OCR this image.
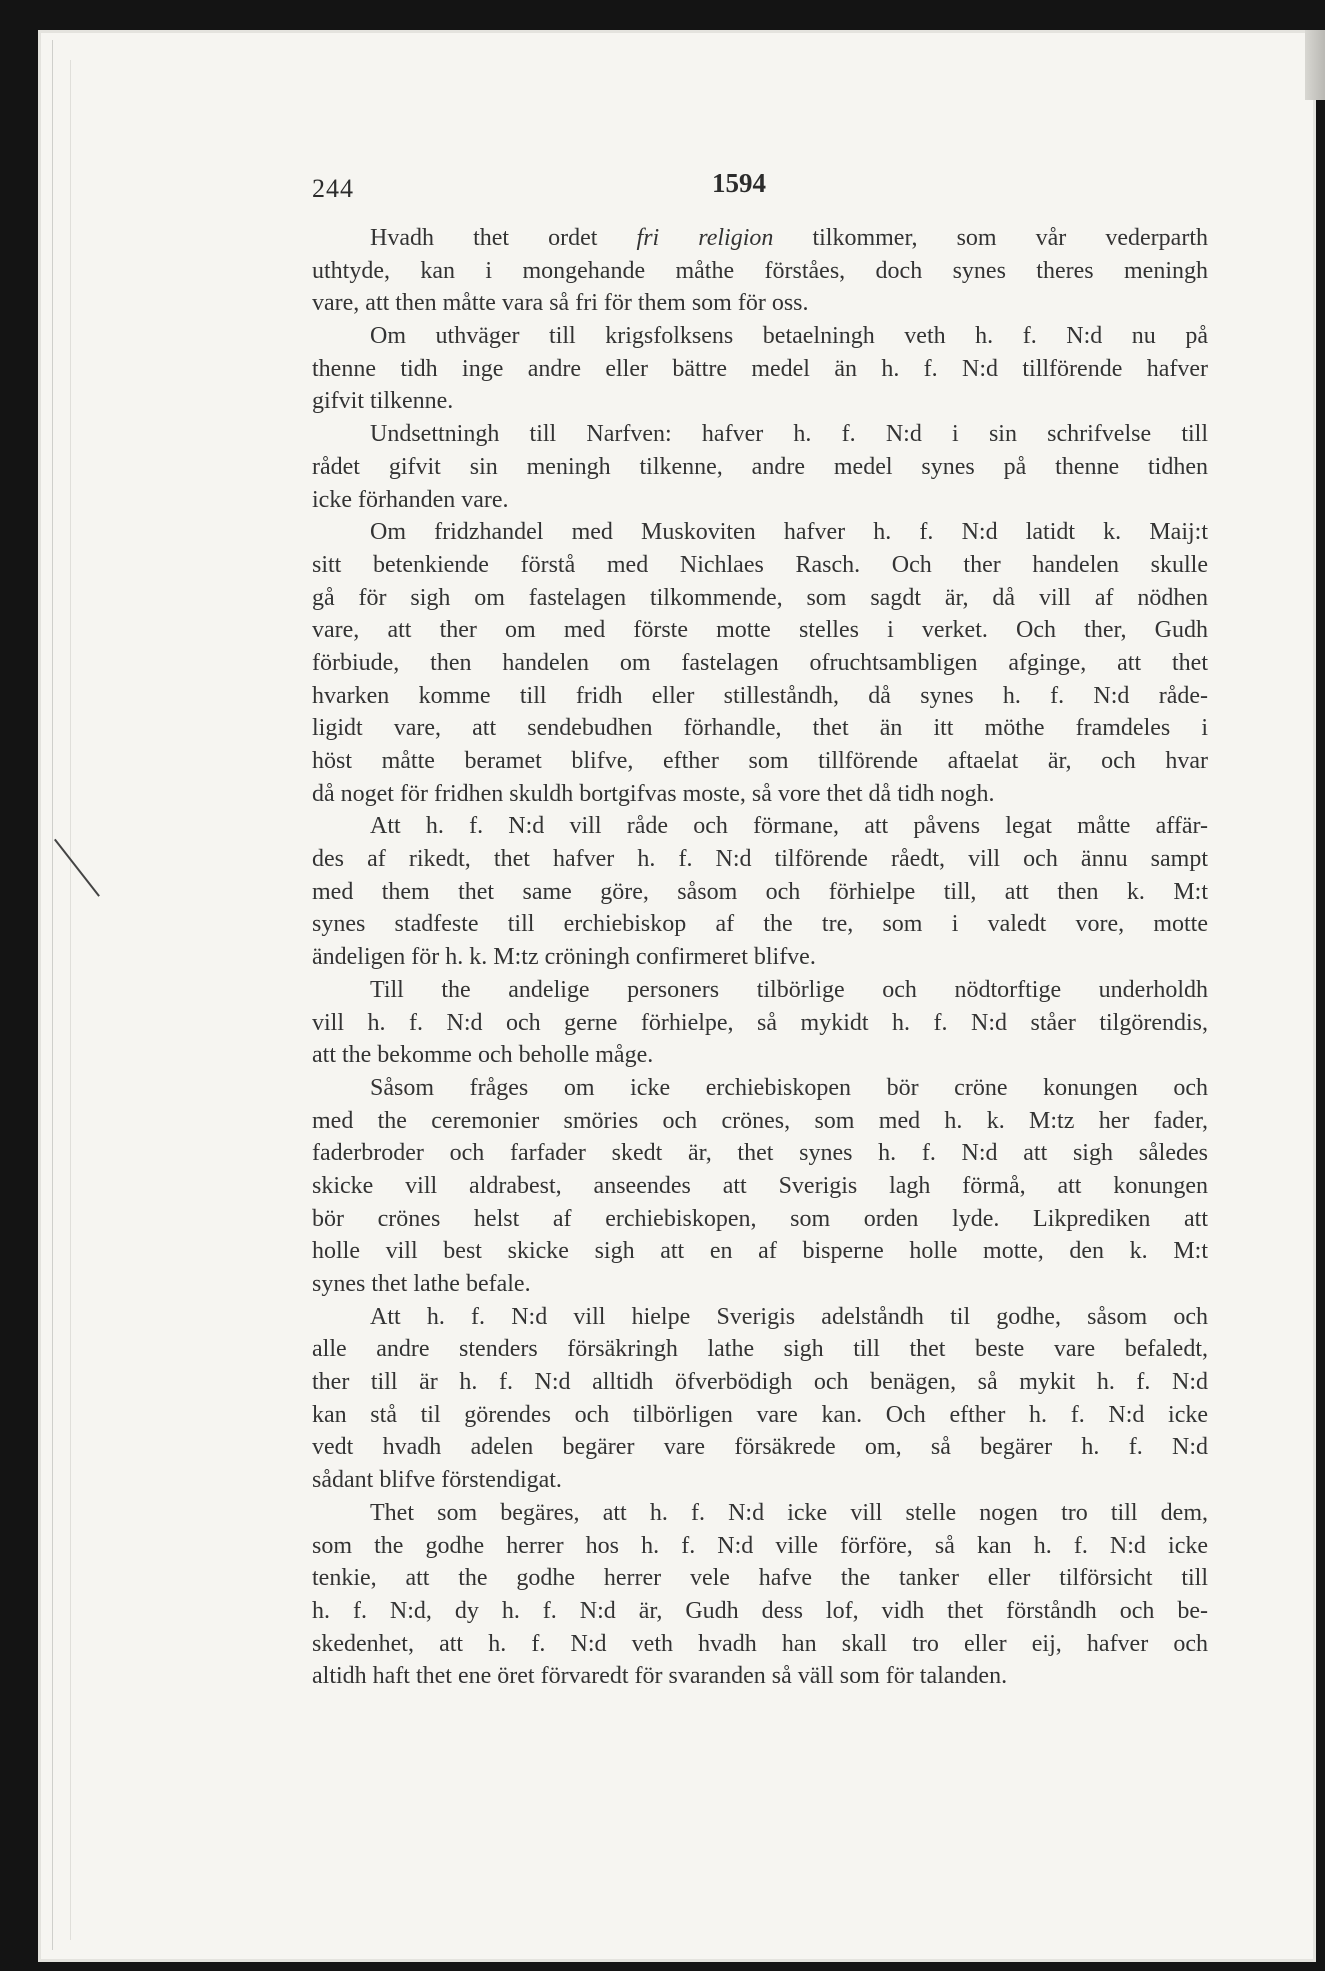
244	1594
Hvadh thet ordet fri religion tilkommer, som vår vederparth
uthtyde, kan i mongehande måthe förståes, doch synes theres meningh
vare, att then måtte vara så fri för them som för oss.
Om uthväger till krigsfolksens betaelningh veth h. f. N:d nu på
thenne tidh inge andre eller bättre medel än h. f. N:d tillförende hafver
gifvit tilkenne.
Undsettningh till Narfven: hafver h. f. N:d i sin schrifvelse till
rådet gifvit sin meningh tilkenne, andre medel synes på thenne tidhen
icke förhanden vare.
Om fridzhandel med Muskoviten hafver h. f. N:d latidt k. Maij:t
sitt betenkiende förstå med Nichlaes Rasch. Och ther handelen skulle
gå för sigh om fastelagen tilkommende, som sagdt är, då vill af nödhen
vare, att ther om med förste motte stelles i verket. Och ther, Gudh
förbiude, then handelen om fastelagen ofruchtsambligen afginge, att thet
hvarken komme till fridh eller stilleståndh, då synes h. f. N:d råde-
ligidt vare, att sendebudhen förhandle, thet än itt möthe framdeles i
höst måtte beramet blifve, efther som tillförende aftaelat är, och hvar
då noget för fridhen skuldh bortgifvas moste, så vore thet då tidh nogh.
Att h. f. N:d vill råde och förmane, att påvens legat måtte affär-
des af rikedt, thet hafver h. f. N:d tilförende råedt, vill och ännu sampt
med them thet same göre, såsom och förhielpe till, att then k. M:t
synes stadfeste till erchiebiskop af the tre, som i valedt vore, motte
ändeligen för h. k. M:tz cröningh confirmeret blifve.
Till the andelige personers tilbörlige och nödtorftige underholdh
vill h. f. N:d och gerne förhielpe, så mykidt h. f. N:d ståer tilgörendis,
att the bekomme och beholle måge.
Såsom fråges om icke erchiebiskopen bör cröne konungen och
med the ceremonier smöries och crönes, som med h. k. M:tz her fader,
faderbroder och farfader skedt är, thet synes h. f. N:d att sigh således
skicke vill aldrabest, anseendes att Sverigis lagh förmå, att konungen
bör crönes helst af erchiebiskopen, som orden lyde. Likprediken att
holle vill best skicke sigh att en af bisperne holle motte, den k. M:t
synes thet lathe befale.
Att h. f. N:d vill hielpe Sverigis adelståndh til godhe, såsom och
alle andre stenders försäkringh lathe sigh till thet beste vare befaledt,
ther till är h. f. N:d alltidh öfverbödigh och benägen, så mykit h. f. N:d
kan stå til görendes och tilbörligen vare kan. Och efther h. f. N:d icke
vedt hvadh adelen begärer vare försäkrede om, så begärer h. f. N:d
sådant blifve förstendigat.
Thet som begäres, att h. f. N:d icke vill stelle nogen tro till dem,
som the godhe herrer hos h. f. N:d ville förföre, så kan h. f. N:d icke
tenkie, att the godhe herrer vele hafve the tanker eller tilförsicht till
h. f. N:d, dy h. f. N:d är, Gudh dess lof, vidh thet förståndh och be-
skedenhet, att h. f. N:d veth hvadh han skall tro eller eij, hafver och
altidh haft thet ene öret förvaredt för svaranden så väll som för talanden.
